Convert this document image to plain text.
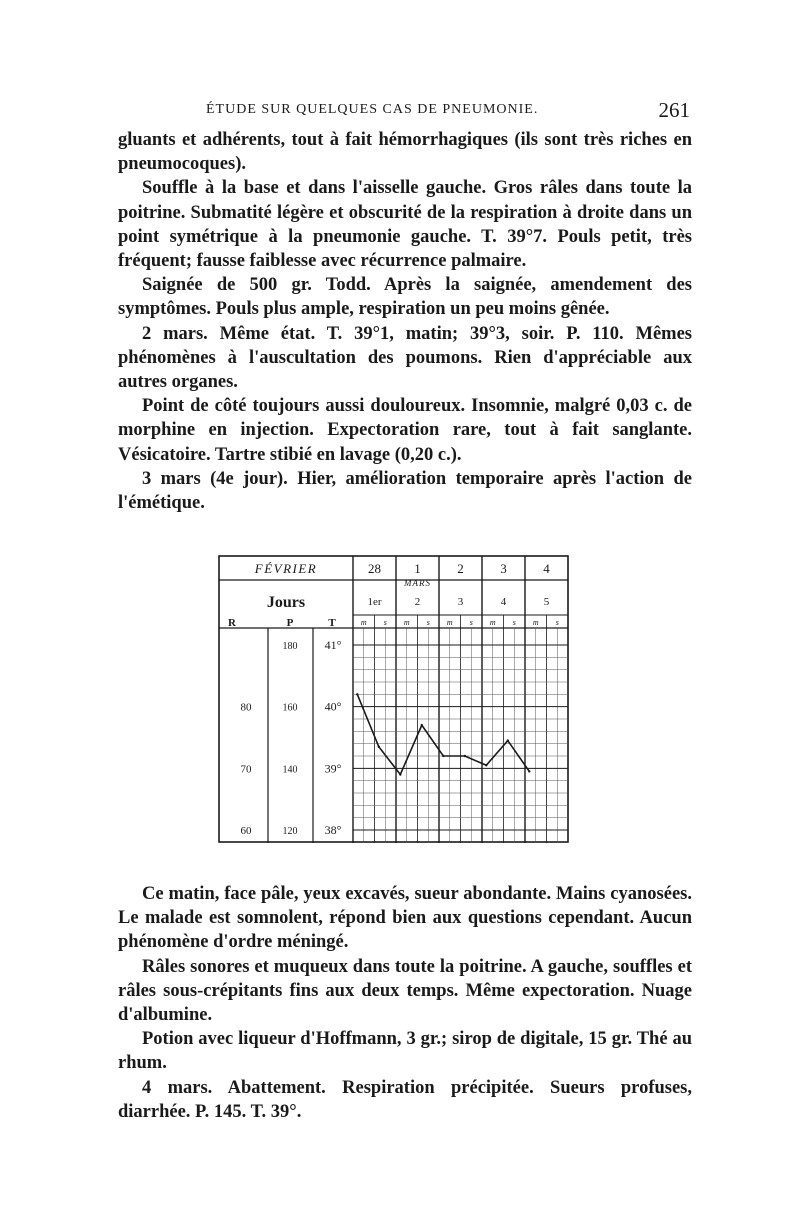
ÉTUDE SUR QUELQUES CAS DE PNEUMONIE.	261

gluants et adhérents, tout à fait hémorrhagiques (ils sont très riches en pneumocoques).

Souffle à la base et dans l'aisselle gauche. Gros râles dans toute la poitrine. Submatité légère et obscurité de la respiration à droite dans un point symétrique à la pneumonie gauche. T. 39°7. Pouls petit, très fréquent; fausse faiblesse avec récurrence palmaire.

Saignée de 500 gr. Todd. Après la saignée, amendement des symptômes. Pouls plus ample, respiration un peu moins gênée.

2 mars. Même état. T. 39°1, matin; 39°3, soir. P. 110. Mêmes phénomènes à l'auscultation des poumons. Rien d'appréciable aux autres organes.

Point de côté toujours aussi douloureux. Insomnie, malgré 0,03 c. de morphine en injection. Expectoration rare, tout à fait sanglante. Vésicatoire. Tartre stibié en lavage (0,20 c.).

3 mars (4e jour). Hier, amélioration temporaire après l'action de l'émétique.

FÉVRIER
MARS
28	1	2	3	4
Jours	1er	2	3	4	5
m s m s m s m s m s
R	P	T
41°
40°
39°
38°
180
160
140
120
80
70
60

Ce matin, face pâle, yeux excavés, sueur abondante. Mains cyanosées. Le malade est somnolent, répond bien aux questions cependant. Aucun phénomène d'ordre méningé.

Râles sonores et muqueux dans toute la poitrine. A gauche, souffles et râles sous-crépitants fins aux deux temps. Même expectoration. Nuage d'albumine.

Potion avec liqueur d'Hoffmann, 3 gr.; sirop de digitale, 15 gr. Thé au rhum.

4 mars. Abattement. Respiration précipitée. Sueurs profuses, diarrhée. P. 145. T. 39°.
